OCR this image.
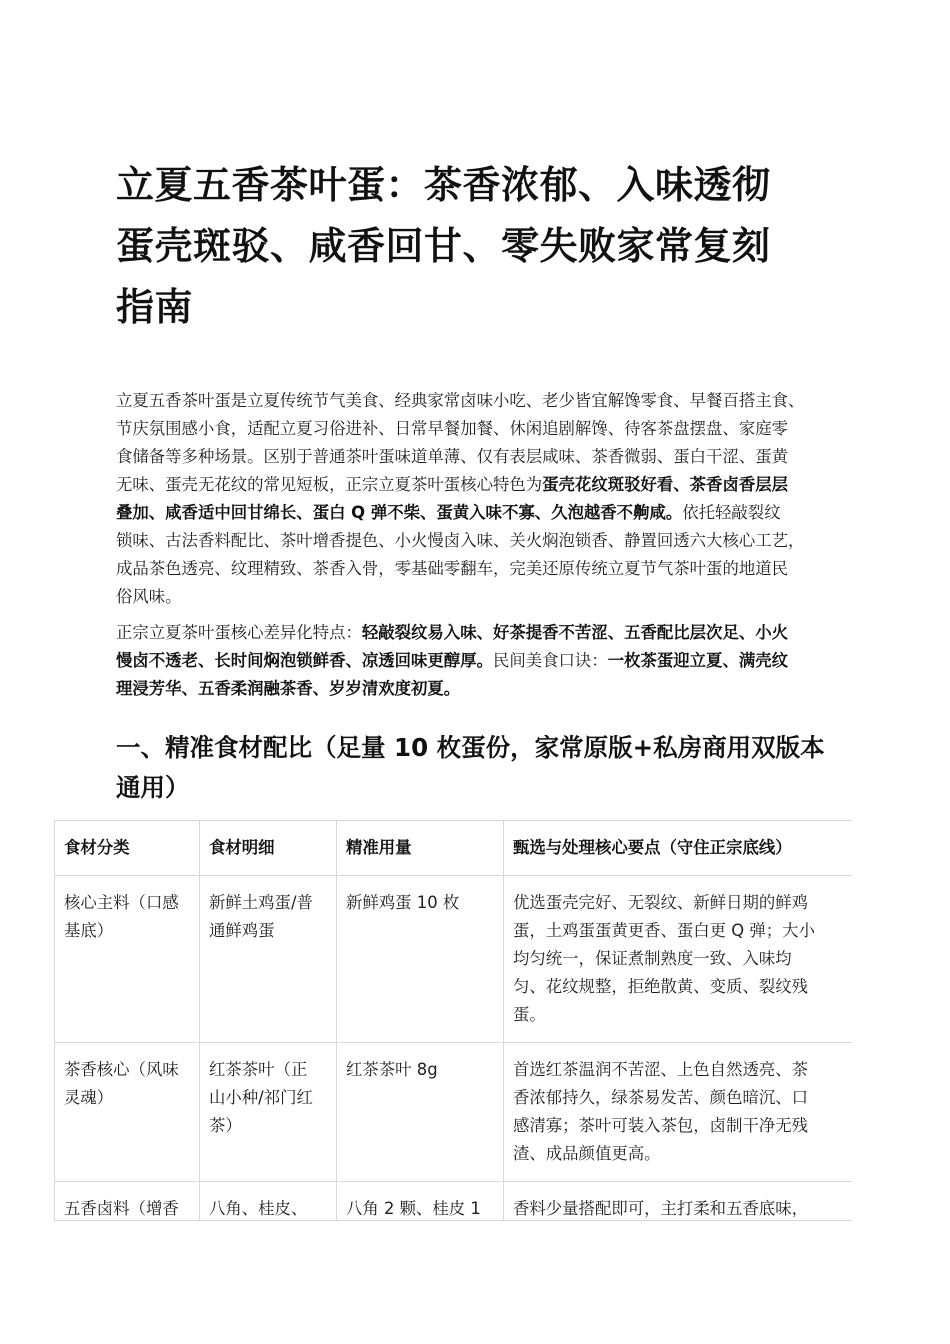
立夏五香茶叶蛋：茶香浓郁、入味透彻
蛋壳斑驳、咸香回甘、零失败家常复刻
指南

立夏五香茶叶蛋是立夏传统节气美食、经典家常卤味小吃、老少皆宜解馋零食、早餐百搭主食、
节庆氛围感小食，适配立夏习俗进补、日常早餐加餐、休闲追剧解馋、待客茶盘摆盘、家庭零
食储备等多种场景。区别于普通茶叶蛋味道单薄、仅有表层咸味、茶香微弱、蛋白干涩、蛋黄
无味、蛋壳无花纹的常见短板，正宗立夏茶叶蛋核心特色为蛋壳花纹斑驳好看、茶香卤香层层
叠加、咸香适中回甘绵长、蛋白 Q 弹不柴、蛋黄入味不寡、久泡越香不齁咸。依托轻敲裂纹
锁味、古法香料配比、茶叶增香提色、小火慢卤入味、关火焖泡锁香、静置回透六大核心工艺，
成品茶色透亮、纹理精致、茶香入骨，零基础零翻车，完美还原传统立夏节气茶叶蛋的地道民
俗风味。

正宗立夏茶叶蛋核心差异化特点：轻敲裂纹易入味、好茶提香不苦涩、五香配比层次足、小火
慢卤不透老、长时间焖泡锁鲜香、凉透回味更醇厚。民间美食口诀：一枚茶蛋迎立夏、满壳纹
理浸芳华、五香柔润融茶香、岁岁清欢度初夏。

一、精准食材配比（足量 10 枚蛋份，家常原版+私房商用双版本
通用）
食材分类	食材明细	精准用量	甄选与处理核心要点（守住正宗底线）

核心主料（口感
基底）	新鲜土鸡蛋/普
通鲜鸡蛋	新鲜鸡蛋 10 枚	优选蛋壳完好、无裂纹、新鲜日期的鲜鸡
蛋，土鸡蛋蛋黄更香、蛋白更 Q 弹；大小
均匀统一，保证煮制熟度一致、入味均
匀、花纹规整，拒绝散黄、变质、裂纹残
蛋。

茶香核心（风味
灵魂）	红茶茶叶（正
山小种/祁门红
茶）	红茶茶叶 8g	首选红茶温润不苦涩、上色自然透亮、茶
香浓郁持久，绿茶易发苦、颜色暗沉、口
感清寡；茶叶可装入茶包，卤制干净无残
渣、成品颜值更高。

五香卤料（增香	八角、桂皮、	八角 2 颗、桂皮 1	香料少量搭配即可，主打柔和五香底味，
